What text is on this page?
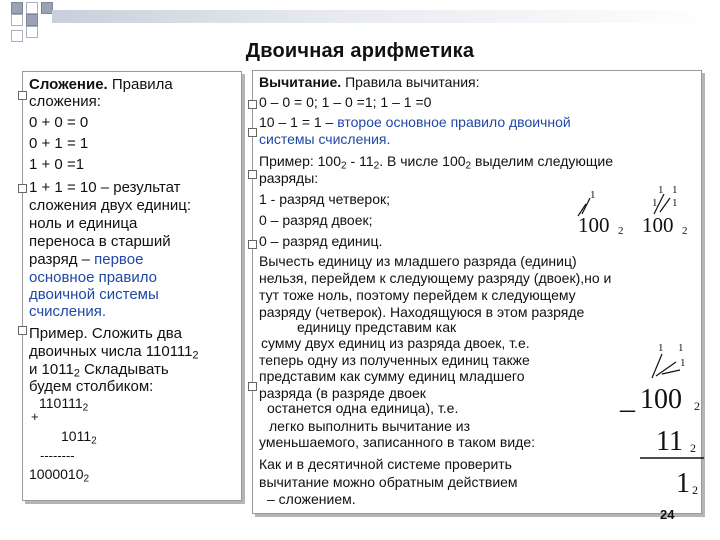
Двоичная арифметика
Сложение. Правила
сложения:
0 + 0 = 0
0 + 1 = 1
1 + 0 =1
1 + 1 = 10 – результат
сложения двух единиц:
ноль и единица
переноса в старший
разряд – первое
основное правило
двоичной системы
счисления.
Пример. Сложить два
двоичных числа $110111_2$
и $1011_2$ Складывать
будем столбиком:
$110111_2$
+
$1011_2$
--------
$1000010_2$
Вычитание. Правила вычитания:
0 – 0 = 0; 1 – 0 =1; 1 – 1 =0
10 – 1 = 1 – второе основное правило двоичной
системы счисления.
Пример: $100_2 - 11_2$. В числе $100_2$ выделим следующие
разряды:
1 - разряд четверок;
0 – разряд двоек;
0 – разряд единиц.
Вычесть единицу из младшего разряда (единиц)
нельзя, перейдем к следующему разряду (двоек),но и
тут тоже ноль, поэтому перейдем к следующему
разряду (четверок). Находящуюся в этом разряде
единицу представим как
сумму двух единиц из разряда двоек, т.е.
теперь одну из полученных единиц также
представим как сумму единиц младшего
разряда (в разряде двоек
останется одна единица), т.е.
легко выполнить вычитание из
уменьшаемого, записанного в таком виде:
Как и в десятичной системе проверить
вычитание можно обратным действием
– сложением.
1
100 2
1 1
1 1
100 2
1 1
1
– 100 2
11 2
1 2
24
